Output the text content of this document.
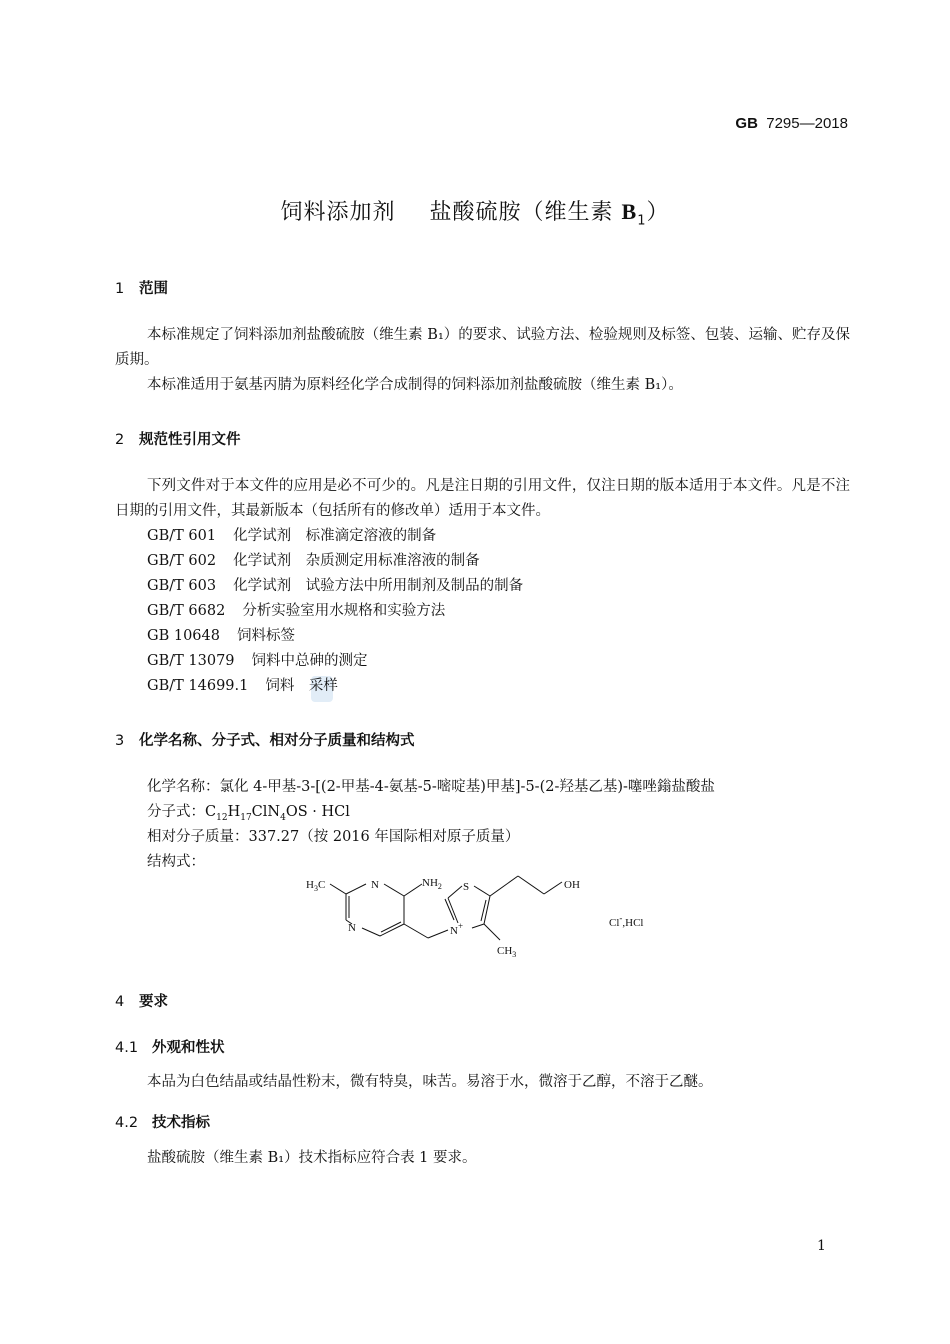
GB 7295—2018
饲料添加剂 盐酸硫胺（维生素 $B_1$）
1 范围
本标准规定了饲料添加剂盐酸硫胺（维生素 B₁）的要求、试验方法、检验规则及标签、包装、运输、贮存及保质期。
本标准适用于氨基丙腈为原料经化学合成制得的饲料添加剂盐酸硫胺（维生素 B₁）。
2 规范性引用文件
下列文件对于本文件的应用是必不可少的。凡是注日期的引用文件，仅注日期的版本适用于本文件。凡是不注日期的引用文件，其最新版本（包括所有的修改单）适用于本文件。
GB/T 601 化学试剂　标准滴定溶液的制备
GB/T 602 化学试剂　杂质测定用标准溶液的制备
GB/T 603 化学试剂　试验方法中所用制剂及制品的制备
GB/T 6682 分析实验室用水规格和实验方法
GB 10648 饲料标签
GB/T 13079 饲料中总砷的测定
GB/T 14699.1 饲料　采样
3 化学名称、分子式、相对分子质量和结构式
化学名称：氯化 4-甲基-3-[(2-甲基-4-氨基-5-嘧啶基)甲基]-5-(2-羟基乙基)-噻唑鎓盐酸盐
分子式：$C_{12}H_{17}ClN_4OS$ · HCl
相对分子质量：337.27（按 2016 年国际相对原子质量）
结构式：
$H_3C$	N
N
$NH_2$ S	OH
N+
$CH_3$
Cl-,HCl
4 要求
4.1 外观和性状
本品为白色结晶或结晶性粉末，微有特臭，味苦。易溶于水，微溶于乙醇，不溶于乙醚。
4.2 技术指标
盐酸硫胺（维生素 B₁）技术指标应符合表 1 要求。
1
